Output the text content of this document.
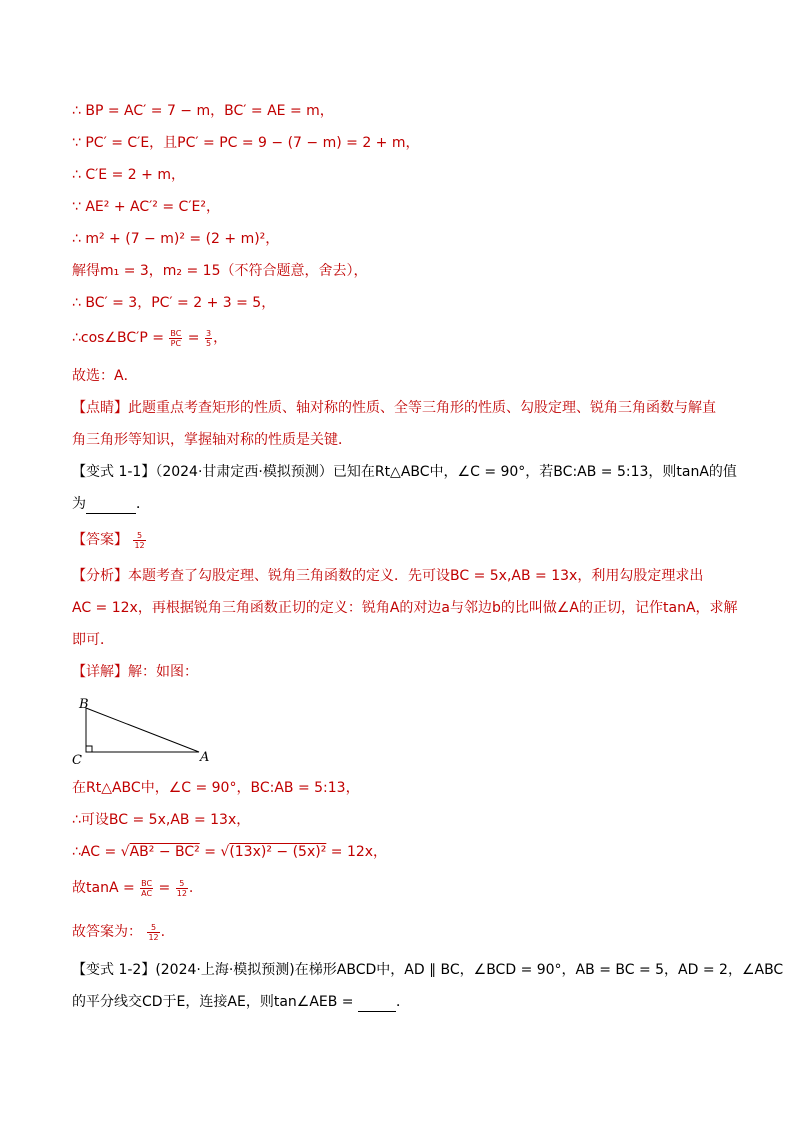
∴ BP = AC′ = 7 − m，BC′ = AE = m，
∵ PC′ = C′E，且PC′ = PC = 9 − (7 − m) = 2 + m，
∴ C′E = 2 + m，
∵ AE² + AC′² = C′E²，
∴ m² + (7 − m)² = (2 + m)²，
解得m₁ = 3，m₂ = 15（不符合题意，舍去），
∴ BC′ = 3，PC′ = 2 + 3 = 5，
∴cos∠BC′P = $\frac{BC}{PC} = \frac{3}{5}$ ，
故选：A．
【点睛】此题重点考查矩形的性质、轴对称的性质、全等三角形的性质、勾股定理、锐角三角函数与解直
角三角形等知识，掌握轴对称的性质是关键．
【变式 1-1】（2024·甘肃定西·模拟预测）已知在Rt△ABC中，∠C = 90°，若BC:AB = 5:13，则tanA的值
为	．
【答案】 $\frac{5}{12}$
【分析】本题考查了勾股定理、锐角三角函数的定义．先可设BC = 5x,AB = 13x，利用勾股定理求出
AC = 12x，再根据锐角三角函数正切的定义：锐角A的对边a与邻边b的比叫做∠A的正切，记作tanA，求解
即可．
【详解】解：如图：
B
C	A
在Rt△ABC中，∠C = 90°，BC:AB = 5:13，
∴可设BC = 5x,AB = 13x，
∴AC = √AB² − BC² = √(13x)² − (5x)² = 12x，
故$\tan A = \frac{BC}{AC} = \frac{5}{12}$ .
故答案为： $\frac{5}{12}$ .
【变式 1-2】(2024·上海·模拟预测)在梯形ABCD中，AD ∥ BC，∠BCD = 90°，AB = BC = 5，AD = 2，∠ABC
的平分线交CD于E，连接AE，则tan∠AEB =	．
